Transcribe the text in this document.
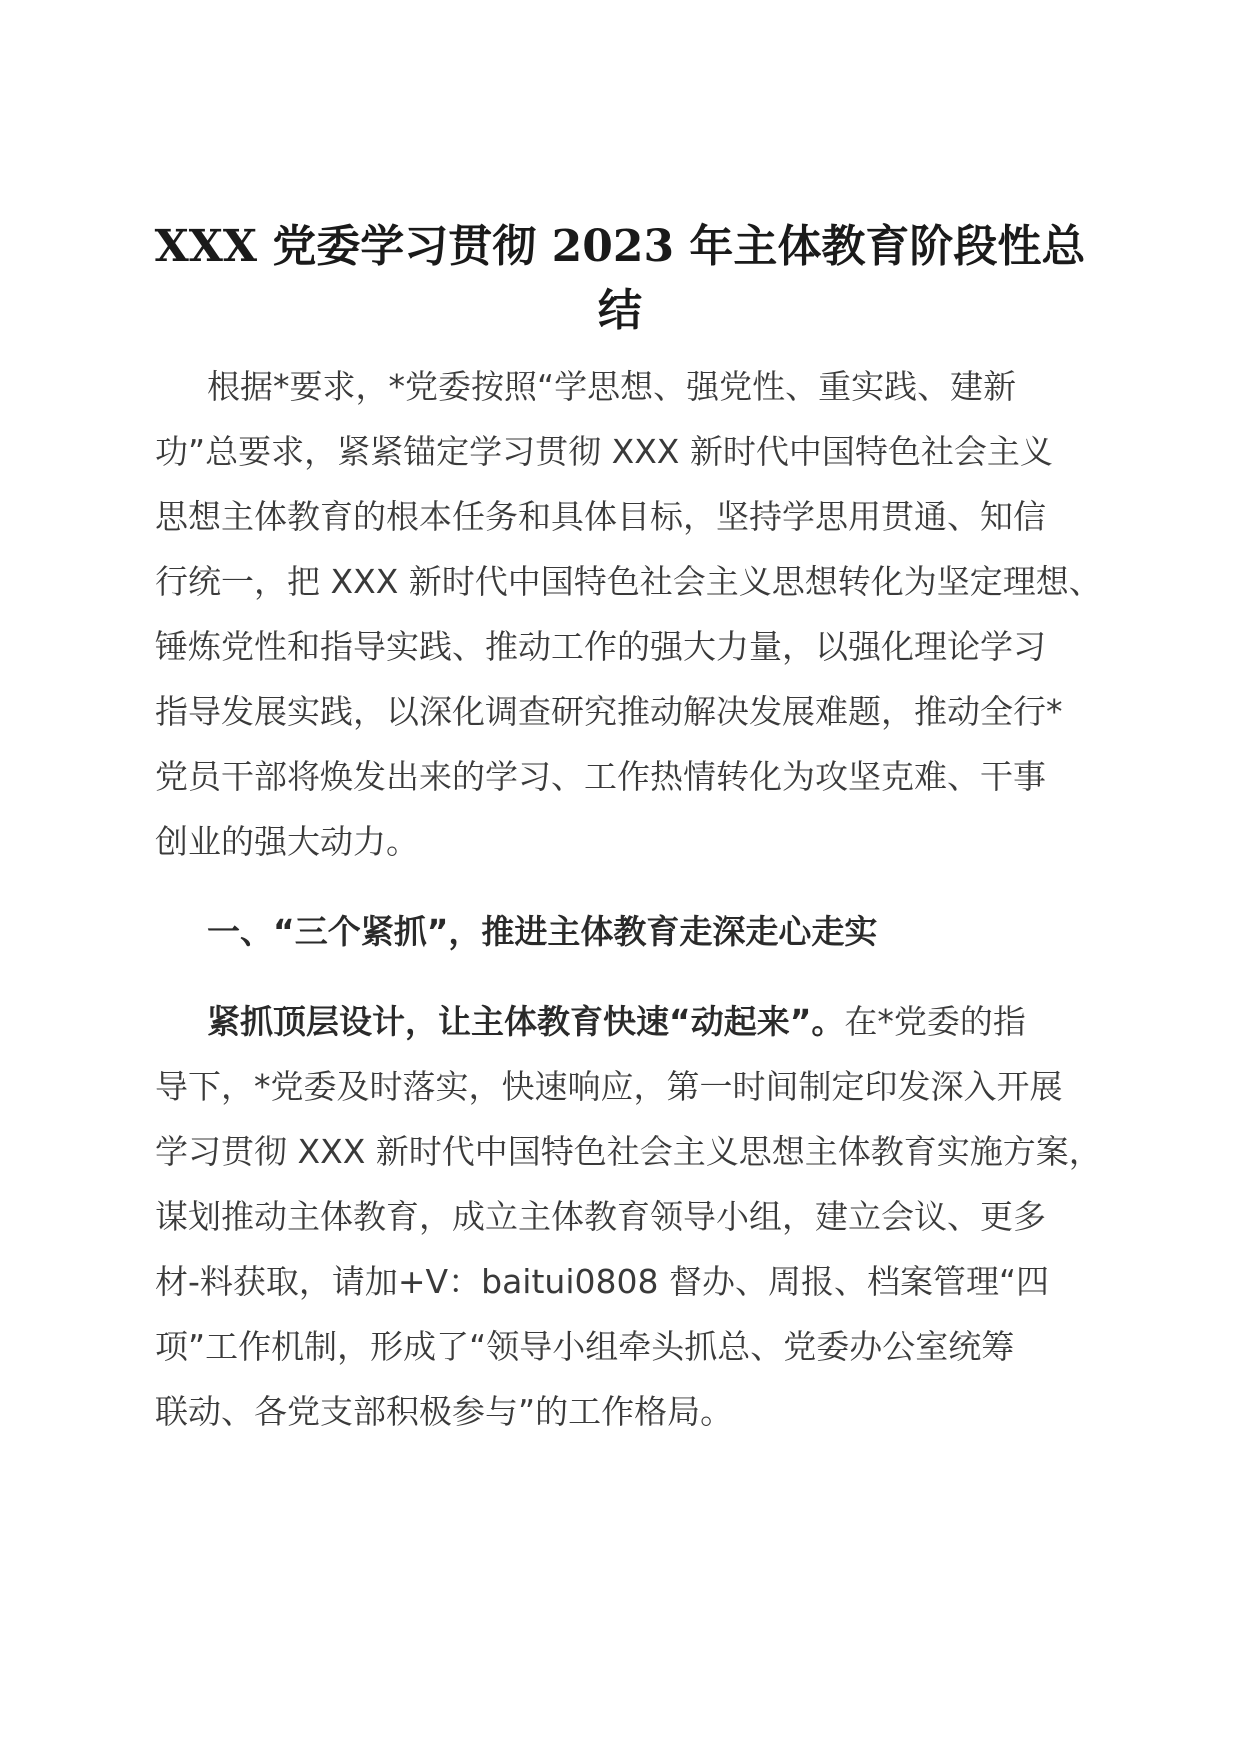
XXX 党委学习贯彻 2023 年主体教育阶段性总
结
根据*要求，*党委按照“学思想、强党性、重实践、建新
功”总要求，紧紧锚定学习贯彻 XXX 新时代中国特色社会主义
思想主体教育的根本任务和具体目标，坚持学思用贯通、知信
行统一，把 XXX 新时代中国特色社会主义思想转化为坚定理想、
锤炼党性和指导实践、推动工作的强大力量，以强化理论学习
指导发展实践，以深化调查研究推动解决发展难题，推动全行*
党员干部将焕发出来的学习、工作热情转化为攻坚克难、干事
创业的强大动力。
一、“三个紧抓”，推进主体教育走深走心走实
紧抓顶层设计，让主体教育快速“动起来”。在*党委的指
导下，*党委及时落实，快速响应，第一时间制定印发深入开展
学习贯彻 XXX 新时代中国特色社会主义思想主体教育实施方案，
谋划推动主体教育，成立主体教育领导小组，建立会议、更多
材-料获取，请加+V：baitui0808 督办、周报、档案管理“四
项”工作机制，形成了“领导小组牵头抓总、党委办公室统筹
联动、各党支部积极参与”的工作格局。
